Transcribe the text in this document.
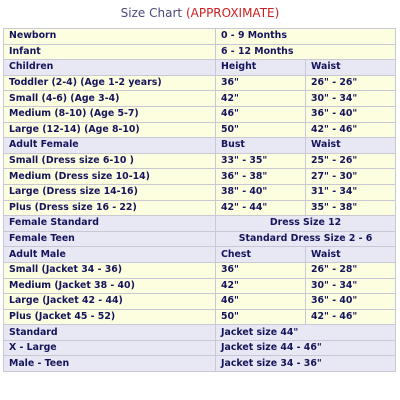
Size Chart (APPROXIMATE)
Newborn	0 - 9 Months	
Infant	6 - 12 Months	
Children	Height	Waist
Toddler (2-4) (Age 1-2 years)	36"	26" - 26"
Small (4-6) (Age 3-4)	42"	30" - 34"
Medium (8-10) (Age 5-7)	46"	36" - 40"
Large (12-14) (Age 8-10)	50"	42" - 46"
Adult Female	Bust	Waist
Small (Dress size 6-10 )	33" - 35"	25" - 26"
Medium (Dress size 10-14)	36" - 38"	27" - 30"
Large (Dress size 14-16)	38" - 40"	31" - 34"
Plus (Dress size 16 - 22)	42" - 44"	35" - 38"
Female Standard	Dress Size 12	
Female Teen	Standard Dress Size 2 - 6	
Adult Male	Chest	Waist
Small (Jacket 34 - 36)	36"	26" - 28"
Medium (Jacket 38 - 40)	42"	30" - 34"
Large (Jacket 42 - 44)	46"	36" - 40"
Plus (Jacket 45 - 52)	50"	42" - 46"
Standard	Jacket size 44"	
X - Large	Jacket size 44 - 46"	
Male - Teen	Jacket size 34 - 36"	
